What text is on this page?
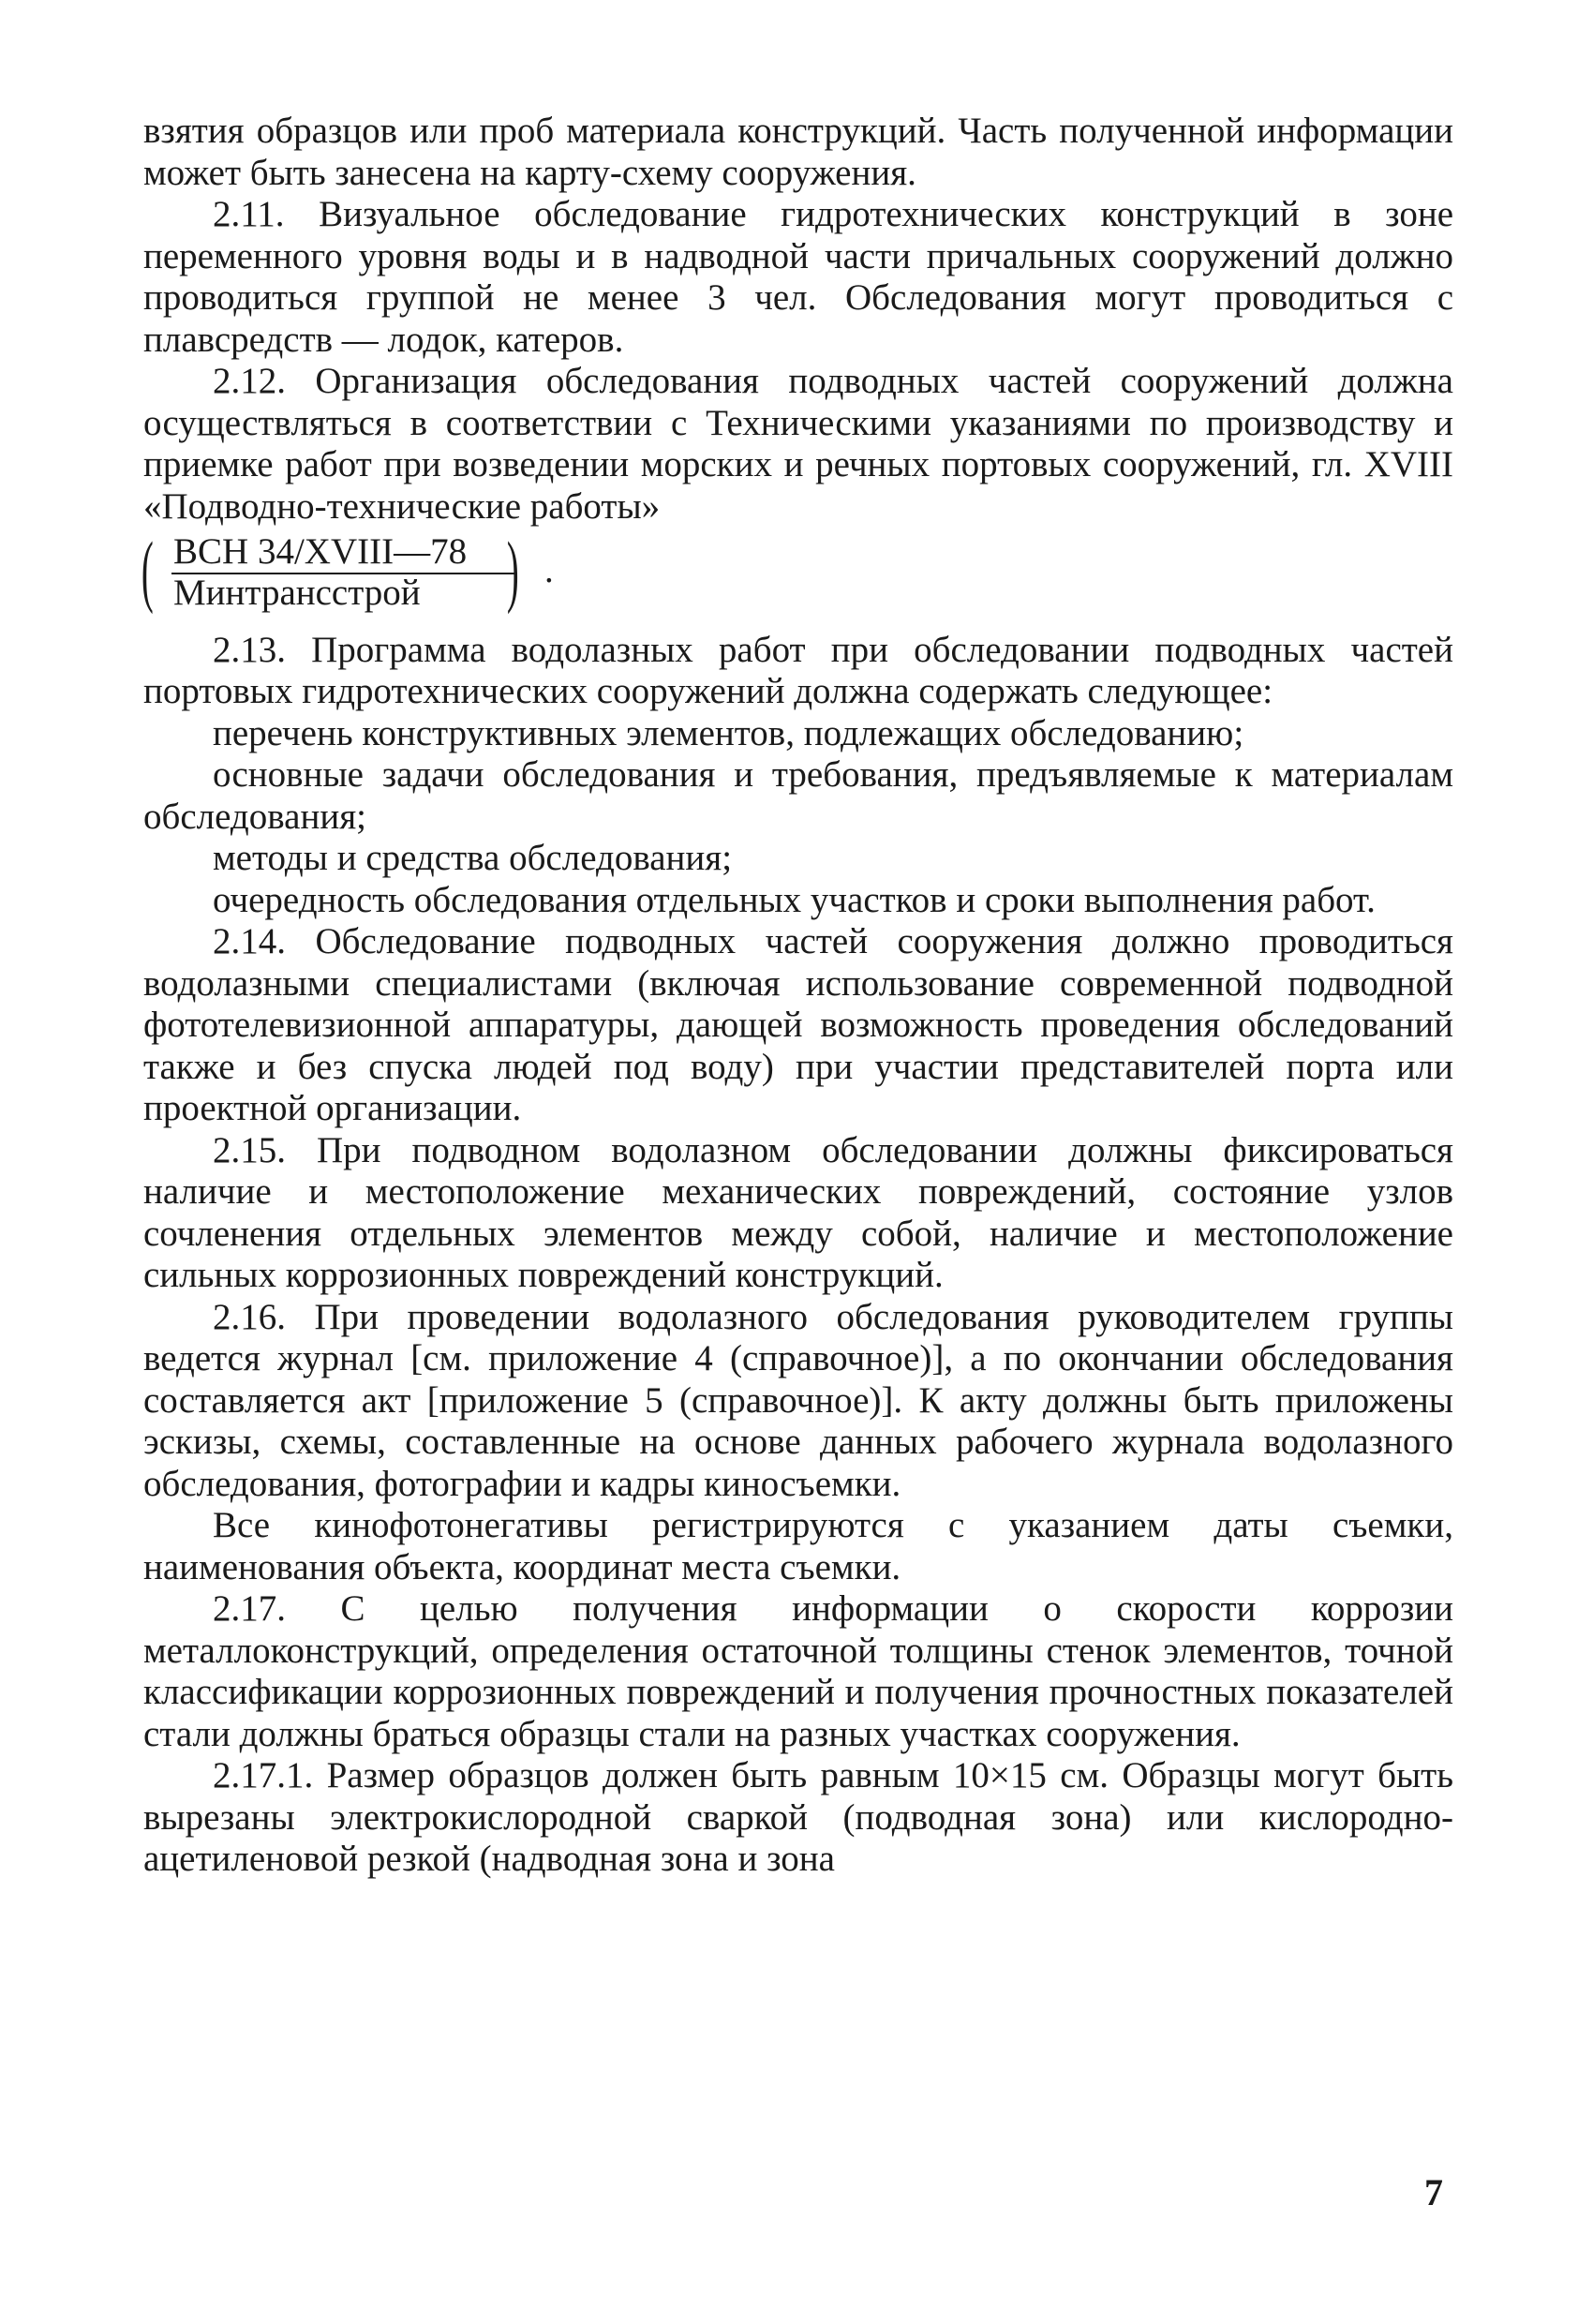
взятия образцов или проб материала конструкций. Часть полученной информации может быть занесена на карту-схему сооружения.

2.11. Визуальное обследование гидротехнических конструкций в зоне переменного уровня воды и в надводной части причальных сооружений должно проводиться группой не менее 3 чел. Обследования могут проводиться с плавсредств — лодок, катеров.

2.12. Организация обследования подводных частей сооружений должна осуществляться в соответствии с Техническими указаниями по производству и приемке работ при возведении морских и речных портовых сооружений, гл. XVIII «Подводно-технические работы»

( ВСН 34/XVIII—78
Минтрансстрой ) .

2.13. Программа водолазных работ при обследовании подводных частей портовых гидротехнических сооружений должна содержать следующее:

перечень конструктивных элементов, подлежащих обследованию;

основные задачи обследования и требования, предъявляемые к материалам обследования;

методы и средства обследования;

очередность обследования отдельных участков и сроки выполнения работ.

2.14. Обследование подводных частей сооружения должно проводиться водолазными специалистами (включая использование современной подводной фототелевизионной аппаратуры, дающей возможность проведения обследований также и без спуска людей под воду) при участии представителей порта или проектной организации.

2.15. При подводном водолазном обследовании должны фиксироваться наличие и местоположение механических повреждений, состояние узлов сочленения отдельных элементов между собой, наличие и местоположение сильных коррозионных повреждений конструкций.

2.16. При проведении водолазного обследования руководителем группы ведется журнал [см. приложение 4 (справочное)], а по окончании обследования составляется акт [приложение 5 (справочное)]. К акту должны быть приложены эскизы, схемы, составленные на основе данных рабочего журнала водолазного обследования, фотографии и кадры киносъемки.

Все кинофотонегативы регистрируются с указанием даты съемки, наименования объекта, координат места съемки.

2.17. С целью получения информации о скорости коррозии металлоконструкций, определения остаточной толщины стенок элементов, точной классификации коррозионных повреждений и получения прочностных показателей стали должны браться образцы стали на разных участках сооружения.

2.17.1. Размер образцов должен быть равным 10×15 см. Образцы могут быть вырезаны электрокислородной сваркой (подводная зона) или кислородно-ацетиленовой резкой (надводная зона и зона

7
